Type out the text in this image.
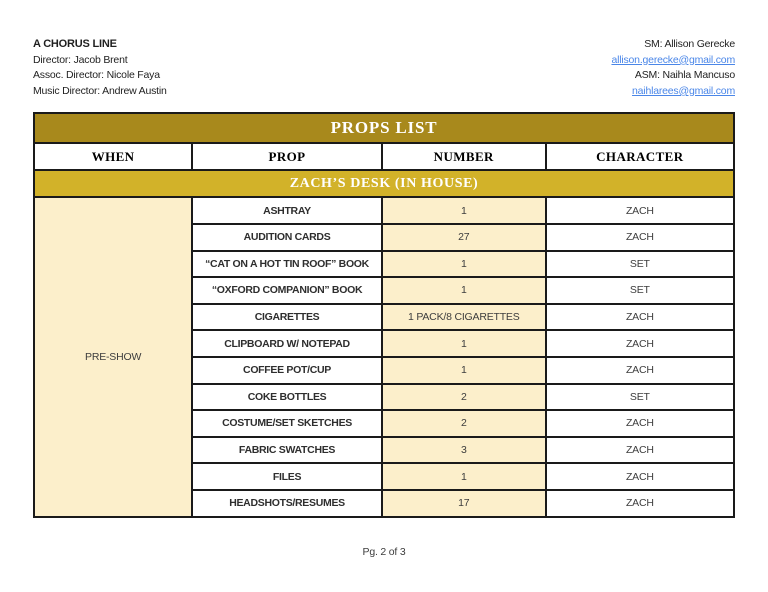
A CHORUS LINE
Director: Jacob Brent
Assoc. Director: Nicole Faya
Music Director: Andrew Austin
SM: Allison Gerecke
allison.gerecke@gmail.com
ASM: Naihla Mancuso
naihlarees@gmail.com
PROPS LIST			
WHEN	PROP	NUMBER	CHARACTER
ZACH’S DESK (IN HOUSE)			
PRE-SHOW	ASHTRAY	1	ZACH
	AUDITION CARDS	27	ZACH
	“CAT ON A HOT TIN ROOF” BOOK	1	SET
	“OXFORD COMPANION” BOOK	1	SET
	CIGARETTES	1 PACK/8 CIGARETTES	ZACH
	CLIPBOARD W/ NOTEPAD	1	ZACH
	COFFEE POT/CUP	1	ZACH
	COKE BOTTLES	2	SET
	COSTUME/SET SKETCHES	2	ZACH
	FABRIC SWATCHES	3	ZACH
	FILES	1	ZACH
	HEADSHOTS/RESUMES	17	ZACH
Pg. 2 of 3
